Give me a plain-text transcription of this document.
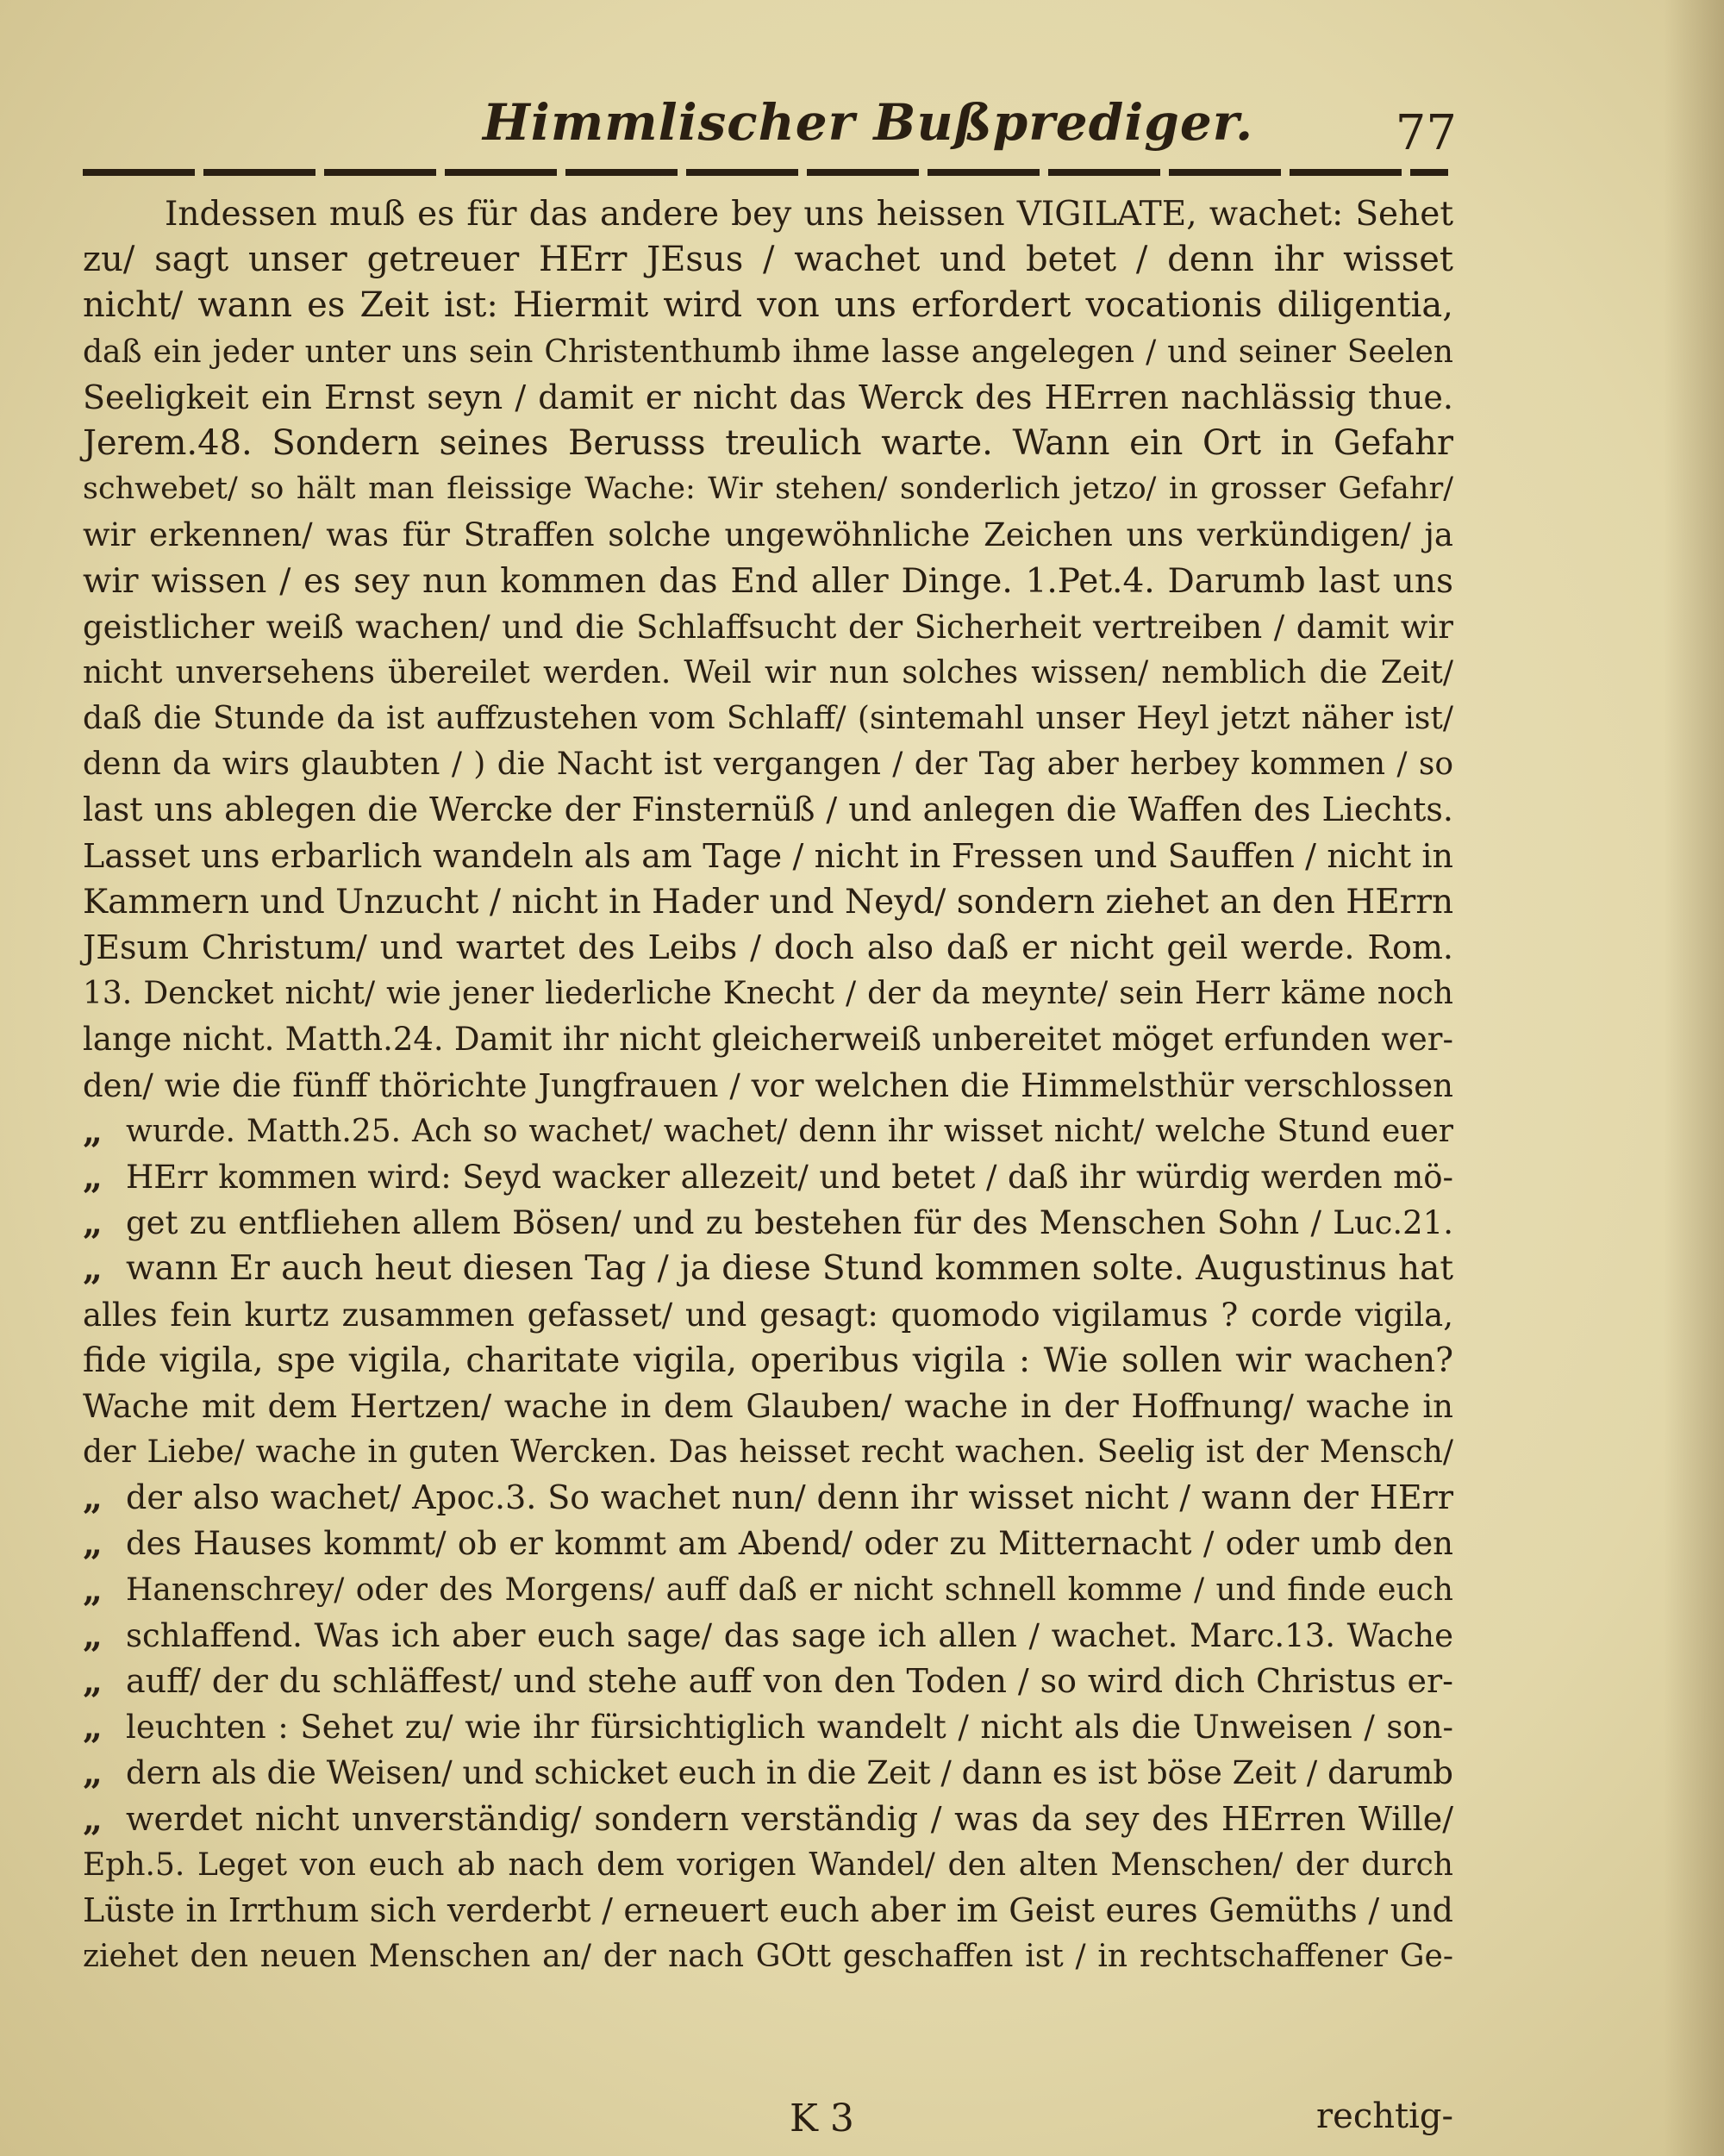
Himmlischer Bußprediger.	77
Indessen muß es für das andere bey uns heissen VIGILATE, wachet: Sehet
zu/ sagt unser getreuer HErr JEsus / wachet und betet / denn ihr wisset
nicht/ wann es Zeit ist: Hiermit wird von uns erfordert vocationis diligentia,
daß ein jeder unter uns sein Christenthumb ihme lasse angelegen / und seiner Seelen
Seeligkeit ein Ernst seyn / damit er nicht das Werck des HErren nachlässig thue.
Jerem.48. Sondern seines Berusss treulich warte. Wann ein Ort in Gefahr
schwebet/ so hält man fleissige Wache: Wir stehen/ sonderlich jetzo/ in grosser Gefahr/
wir erkennen/ was für Straffen solche ungewöhnliche Zeichen uns verkündigen/ ja
wir wissen / es sey nun kommen das End aller Dinge. 1.Pet.4. Darumb last uns
geistlicher weiß wachen/ und die Schlaffsucht der Sicherheit vertreiben / damit wir
nicht unversehens übereilet werden. Weil wir nun solches wissen/ nemblich die Zeit/
daß die Stunde da ist auffzustehen vom Schlaff/ (sintemahl unser Heyl jetzt näher ist/
denn da wirs glaubten / ) die Nacht ist vergangen / der Tag aber herbey kommen / so
last uns ablegen die Wercke der Finsternüß / und anlegen die Waffen des Liechts.
Lasset uns erbarlich wandeln als am Tage / nicht in Fressen und Sauffen / nicht in
Kammern und Unzucht / nicht in Hader und Neyd/ sondern ziehet an den HErrn
JEsum Christum/ und wartet des Leibs / doch also daß er nicht geil werde. Rom.
13. Dencket nicht/ wie jener liederliche Knecht / der da meynte/ sein Herr käme noch
lange nicht. Matth.24. Damit ihr nicht gleicherweiß unbereitet möget erfunden wer-
den/ wie die fünff thörichte Jungfrauen / vor welchen die Himmelsthür verschlossen
„ wurde. Matth.25. Ach so wachet/ wachet/ denn ihr wisset nicht/ welche Stund euer
„ HErr kommen wird: Seyd wacker allezeit/ und betet / daß ihr würdig werden mö-
„ get zu entfliehen allem Bösen/ und zu bestehen für des Menschen Sohn / Luc.21.
„ wann Er auch heut diesen Tag / ja diese Stund kommen solte. Augustinus hat
alles fein kurtz zusammen gefasset/ und gesagt: quomodo vigilamus ? corde vigila,
fide vigila, spe vigila, charitate vigila, operibus vigila : Wie sollen wir wachen?
Wache mit dem Hertzen/ wache in dem Glauben/ wache in der Hoffnung/ wache in
der Liebe/ wache in guten Wercken. Das heisset recht wachen. Seelig ist der Mensch/
„ der also wachet/ Apoc.3. So wachet nun/ denn ihr wisset nicht / wann der HErr
„ des Hauses kommt/ ob er kommt am Abend/ oder zu Mitternacht / oder umb den
„ Hanenschrey/ oder des Morgens/ auff daß er nicht schnell komme / und finde euch
„ schlaffend. Was ich aber euch sage/ das sage ich allen / wachet. Marc.13. Wache
„ auff/ der du schläffest/ und stehe auff von den Toden / so wird dich Christus er-
„ leuchten : Sehet zu/ wie ihr fürsichtiglich wandelt / nicht als die Unweisen / son-
„ dern als die Weisen/ und schicket euch in die Zeit / dann es ist böse Zeit / darumb
„ werdet nicht unverständig/ sondern verständig / was da sey des HErren Wille/
Eph.5. Leget von euch ab nach dem vorigen Wandel/ den alten Menschen/ der durch
Lüste in Irrthum sich verderbt / erneuert euch aber im Geist eures Gemüths / und
ziehet den neuen Menschen an/ der nach GOtt geschaffen ist / in rechtschaffener Ge-
K 3	rechtig-
